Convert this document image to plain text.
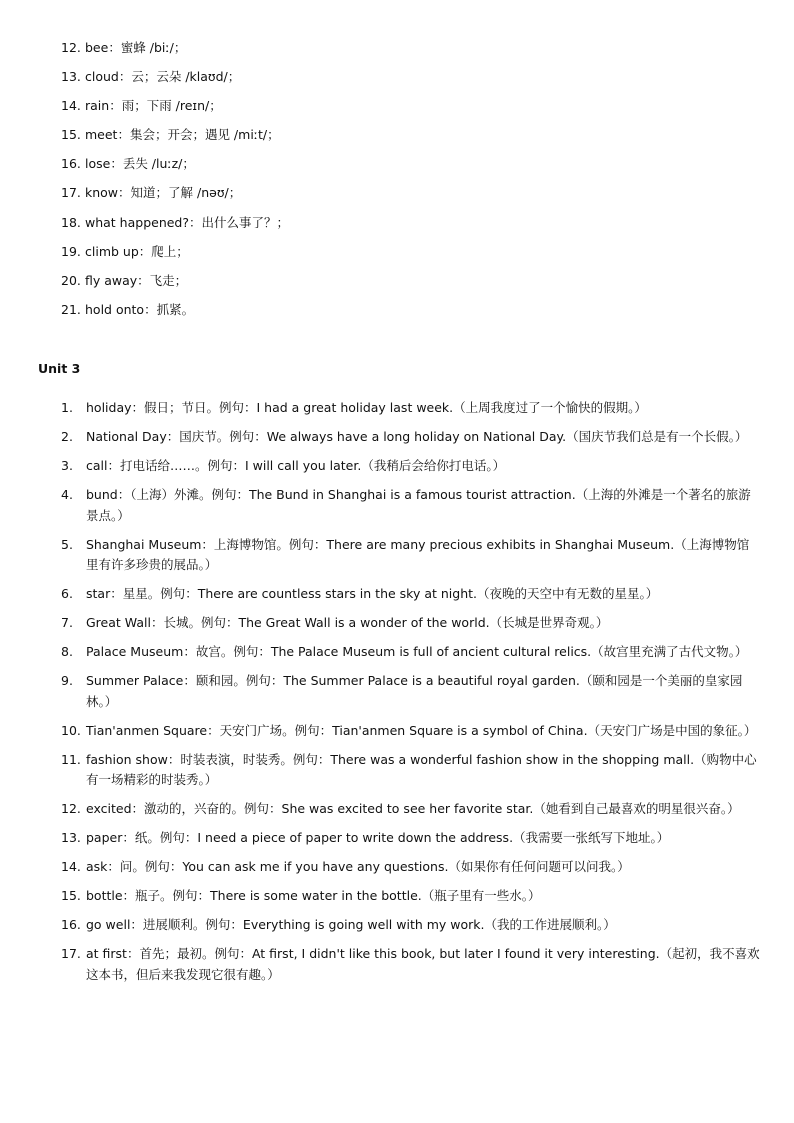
12. bee：蜜蜂 /biː/；
13. cloud：云；云朵 /klaʊd/；
14. rain：雨；下雨 /reɪn/；
15. meet：集会；开会；遇见 /miːt/；
16. lose：丢失 /luːz/；
17. know：知道；了解 /nəʊ/；
18. what happened?：出什么事了？；
19. climb up：爬上；
20. fly away：飞走；
21. hold onto：抓紧。
Unit 3
1.	holiday：假日；节日。例句：I had a great holiday last week.（上周我度过了一个愉快的假期。）
2.	National Day：国庆节。例句：We always have a long holiday on National Day.（国庆节我们总是有一个长假。）
3.	call：打电话给……。例句：I will call you later.（我稍后会给你打电话。）
4.	bund：（上海）外滩。例句：The Bund in Shanghai is a famous tourist attraction.（上海的外滩是一个著名的旅游景点。）
5.	Shanghai Museum：上海博物馆。例句：There are many precious exhibits in Shanghai Museum.（上海博物馆里有许多珍贵的展品。）
6.	star：星星。例句：There are countless stars in the sky at night.（夜晚的天空中有无数的星星。）
7.	Great Wall：长城。例句：The Great Wall is a wonder of the world.（长城是世界奇观。）
8.	Palace Museum：故宫。例句：The Palace Museum is full of ancient cultural relics.（故宫里充满了古代文物。）
9.	Summer Palace：颐和园。例句：The Summer Palace is a beautiful royal garden.（颐和园是一个美丽的皇家园林。）
10. Tian'anmen Square：天安门广场。例句：Tian'anmen Square is a symbol of China.（天安门广场是中国的象征。）
11. fashion show：时装表演，时装秀。例句：There was a wonderful fashion show in the shopping mall.（购物中心有一场精彩的时装秀。）
12. excited：激动的，兴奋的。例句：She was excited to see her favorite star.（她看到自己最喜欢的明星很兴奋。）
13. paper：纸。例句：I need a piece of paper to write down the address.（我需要一张纸写下地址。）
14. ask：问。例句：You can ask me if you have any questions.（如果你有任何问题可以问我。）
15. bottle：瓶子。例句：There is some water in the bottle.（瓶子里有一些水。）
16. go well：进展顺利。例句：Everything is going well with my work.（我的工作进展顺利。）
17. at first：首先；最初。例句：At first, I didn't like this book, but later I found it very interesting.（起初，我不喜欢这本书，但后来我发现它很有趣。）
